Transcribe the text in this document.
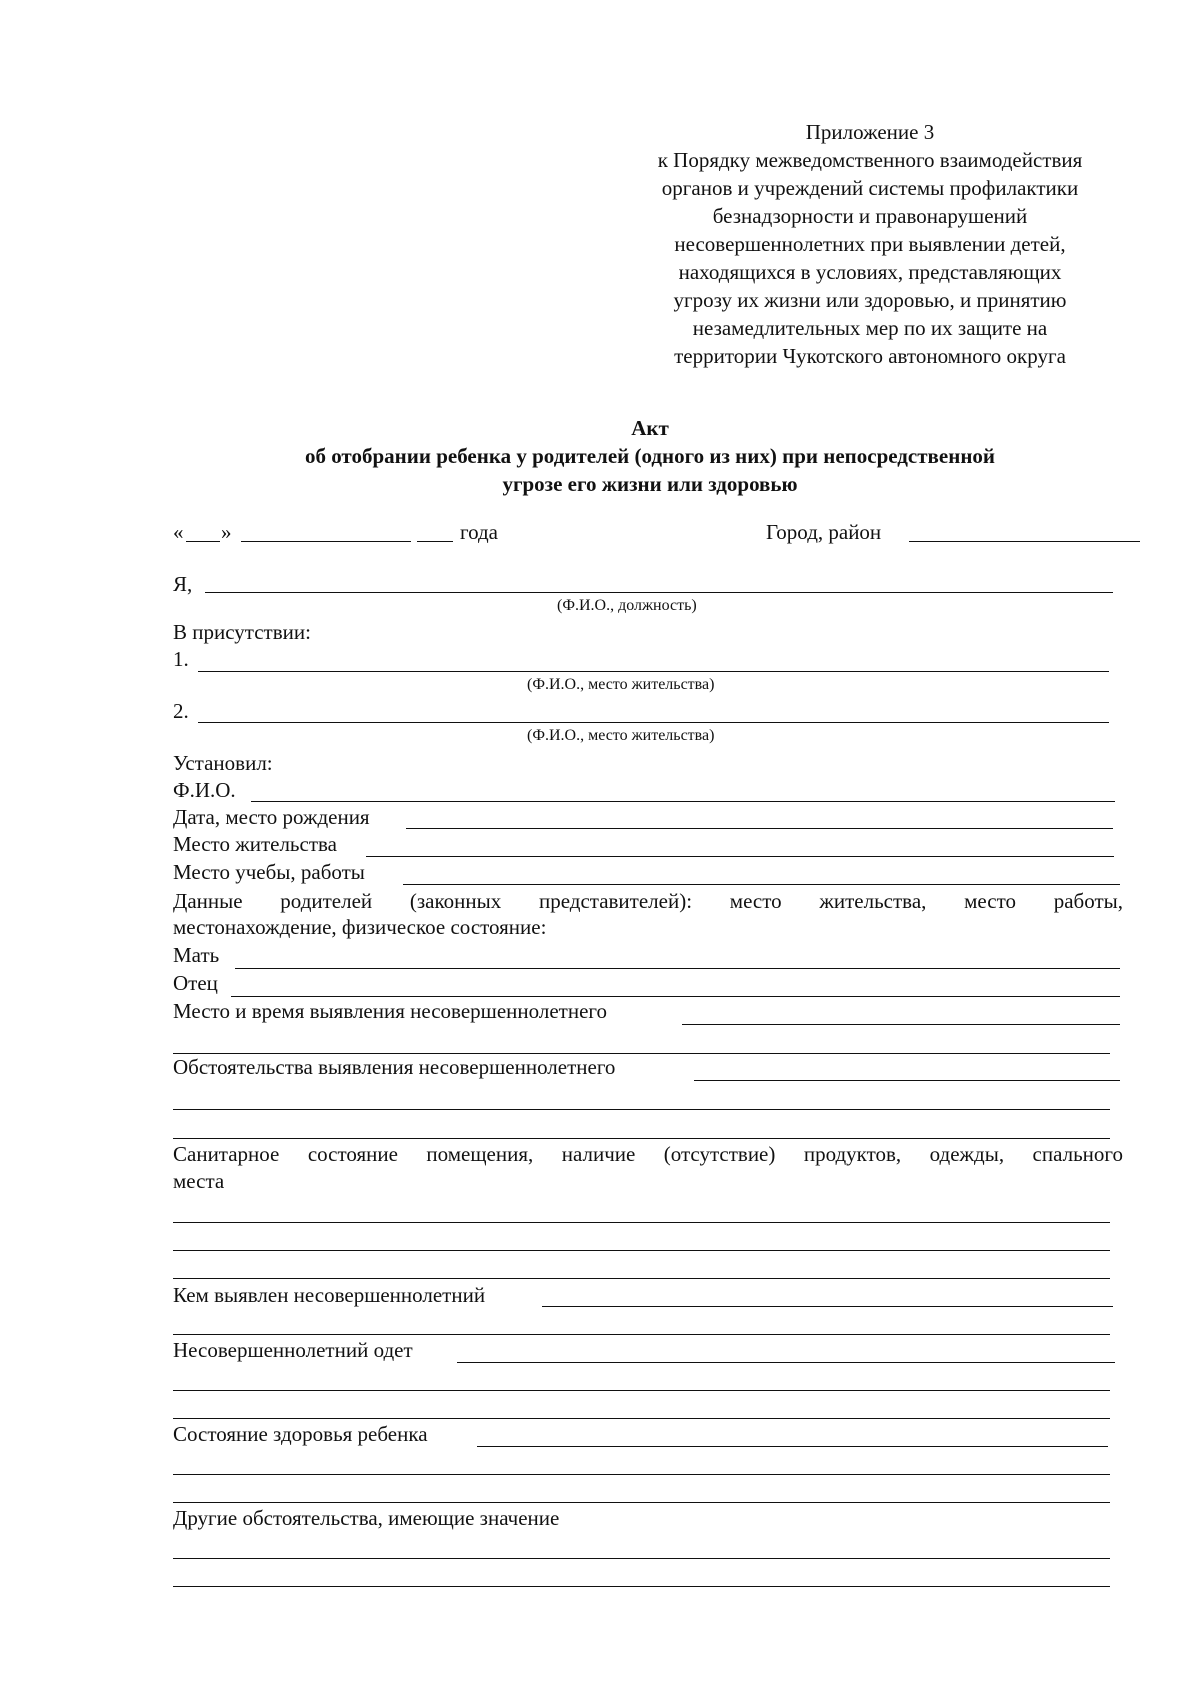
Приложение 3
к Порядку межведомственного взаимодействия
органов и учреждений системы профилактики
безнадзорности и правонарушений
несовершеннолетних при выявлении детей,
находящихся в условиях, представляющих
угрозу их жизни или здоровью, и принятию
незамедлительных мер по их защите на
территории Чукотского автономного округа
Акт
об отобрании ребенка у родителей (одного из них) при непосредственной
угрозе его жизни или здоровью
« »	года	Город, район
Я,
(Ф.И.О., должность)
В присутствии:
1.
(Ф.И.О., место жительства)
2.
(Ф.И.О., место жительства)
Установил:
Ф.И.О.
Дата, место рождения
Место жительства
Место учебы, работы
Данные родителей (законных представителей): место жительства, место работы,
местонахождение, физическое состояние:
Мать
Отец
Место и время выявления несовершеннолетнего
Обстоятельства выявления несовершеннолетнего
Санитарное состояние помещения, наличие (отсутствие) продуктов, одежды, спального
места
Кем выявлен несовершеннолетний
Несовершеннолетний одет
Состояние здоровья ребенка
Другие обстоятельства, имеющие значение
